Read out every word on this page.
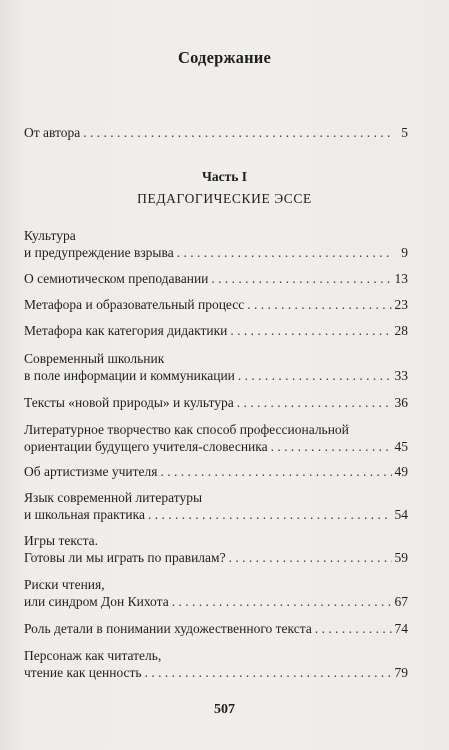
Содержание
От автора . . .	5
Часть I
ПЕДАГОГИЧЕСКИЕ ЭССЕ
Культура
и предупреждение взрыва . . .	9
О семиотическом преподавании . . .	13
Метафора и образовательный процесс . . .	23
Метафора как категория дидактики . . .	28
Современный школьник
в поле информации и коммуникации . . .	33
Тексты «новой природы» и культура . . .	36
Литературное творчество как способ профессиональной
ориентации будущего учителя-словесника . . .	45
Об артистизме учителя . . .	49
Язык современной литературы
и школьная практика . . .	54
Игры текста.
Готовы ли мы играть по правилам? . . .	59
Риски чтения,
или синдром Дон Кихота . . .	67
Роль детали в понимании художественного текста . . .	74
Персонаж как читатель,
чтение как ценность . . .	79
507
